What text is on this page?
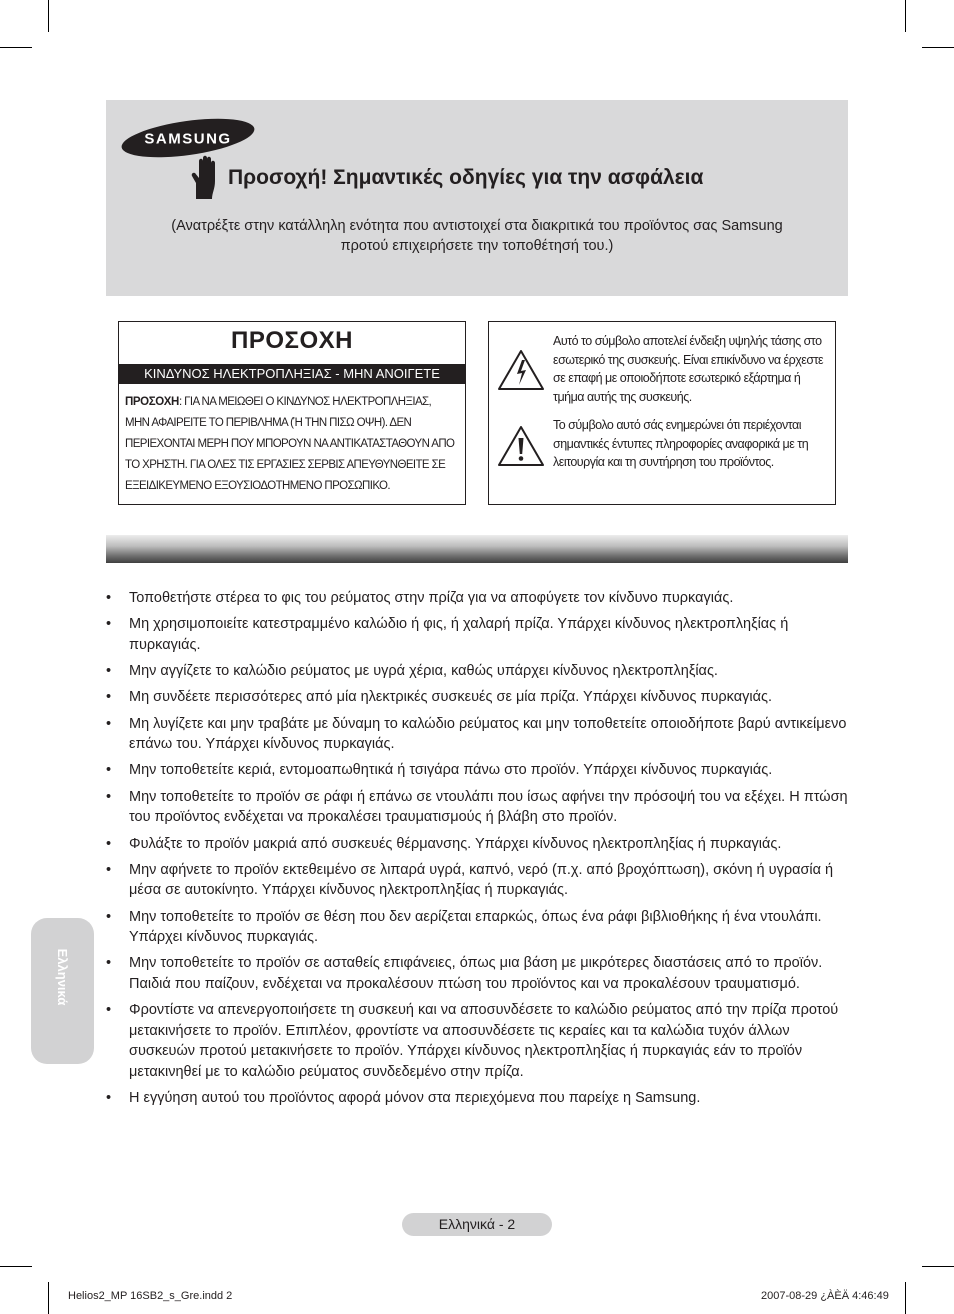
SAMSUNG
Προσοχή! Σημαντικές οδηγίες για την ασφάλεια
(Ανατρέξτε στην κατάλληλη ενότητα που αντιστοιχεί στα διακριτικά του προϊόντος σας Samsung
προτού επιχειρήσετε την τοποθέτησή του.)
ΠΡΟΣΟΧΗ
ΚΙΝΔΥΝΟΣ ΗΛΕΚΤΡΟΠΛΗΞΙΑΣ - ΜΗΝ ΑΝΟΙΓΕΤΕ
ΠΡΟΣΟΧΗ: ΓΙΑ ΝΑ ΜΕΙΩΘΕΙ Ο ΚΙΝΔΥΝΟΣ ΗΛΕΚΤΡΟΠΛΗΞΙΑΣ,
ΜΗΝ ΑΦΑΙΡΕΙΤΕ ΤΟ ΠΕΡΙΒΛΗΜΑ (Ή ΤΗΝ ΠΙΣΩ ΟΨΗ). ΔΕΝ
ΠΕΡΙΕΧΟΝΤΑΙ ΜΕΡΗ ΠΟΥ ΜΠΟΡΟΥΝ ΝΑ ΑΝΤΙΚΑΤΑΣΤΑΘΟΥΝ ΑΠΟ
ΤΟ ΧΡΗΣΤΗ. ΓΙΑ ΟΛΕΣ ΤΙΣ ΕΡΓΑΣΙΕΣ ΣΕΡΒΙΣ ΑΠΕΥΘΥΝΘΕΙΤΕ ΣΕ
ΕΞΕΙΔΙΚΕΥΜΕΝΟ ΕΞΟΥΣΙΟΔΟΤΗΜΕΝΟ ΠΡΟΣΩΠΙΚΟ.
Αυτό το σύμβολο αποτελεί ένδειξη υψηλής τάσης στο εσωτερικό της συσκευής. Είναι επικίνδυνο να έρχεστε σε επαφή με οποιοδήποτε εσωτερικό εξάρτημα ή τμήμα αυτής της συσκευής.
Το σύμβολο αυτό σάς ενημερώνει ότι περιέχονται σημαντικές έντυπες πληροφορίες αναφορικά με τη λειτουργία και τη συντήρηση του προϊόντος.
• Τοποθετήστε στέρεα το φις του ρεύματος στην πρίζα για να αποφύγετε τον κίνδυνο πυρκαγιάς.
• Μη χρησιμοποιείτε κατεστραμμένο καλώδιο ή φις, ή χαλαρή πρίζα. Υπάρχει κίνδυνος ηλεκτροπληξίας ή πυρκαγιάς.
• Μην αγγίζετε το καλώδιο ρεύματος με υγρά χέρια, καθώς υπάρχει κίνδυνος ηλεκτροπληξίας.
• Μη συνδέετε περισσότερες από μία ηλεκτρικές συσκευές σε μία πρίζα. Υπάρχει κίνδυνος πυρκαγιάς.
• Μη λυγίζετε και μην τραβάτε με δύναμη το καλώδιο ρεύματος και μην τοποθετείτε οποιοδήποτε βαρύ αντικείμενο επάνω του. Υπάρχει κίνδυνος πυρκαγιάς.
• Μην τοποθετείτε κεριά, εντομοαπωθητικά ή τσιγάρα πάνω στο προϊόν. Υπάρχει κίνδυνος πυρκαγιάς.
• Μην τοποθετείτε το προϊόν σε ράφι ή επάνω σε ντουλάπι που ίσως αφήνει την πρόσοψή του να εξέχει. Η πτώση του προϊόντος ενδέχεται να προκαλέσει τραυματισμούς ή βλάβη στο προϊόν.
• Φυλάξτε το προϊόν μακριά από συσκευές θέρμανσης. Υπάρχει κίνδυνος ηλεκτροπληξίας ή πυρκαγιάς.
• Μην αφήνετε το προϊόν εκτεθειμένο σε λιπαρά υγρά, καπνό, νερό (π.χ. από βροχόπτωση), σκόνη ή υγρασία ή μέσα σε αυτοκίνητο. Υπάρχει κίνδυνος ηλεκτροπληξίας ή πυρκαγιάς.
• Μην τοποθετείτε το προϊόν σε θέση που δεν αερίζεται επαρκώς, όπως ένα ράφι βιβλιοθήκης ή ένα ντουλάπι. Υπάρχει κίνδυνος πυρκαγιάς.
• Μην τοποθετείτε το προϊόν σε ασταθείς επιφάνειες, όπως μια βάση με μικρότερες διαστάσεις από το προϊόν. Παιδιά που παίζουν, ενδέχεται να προκαλέσουν πτώση του προϊόντος και να προκαλέσουν τραυματισμό.
• Φροντίστε να απενεργοποιήσετε τη συσκευή και να αποσυνδέσετε το καλώδιο ρεύματος από την πρίζα προτού μετακινήσετε το προϊόν. Επιπλέον, φροντίστε να αποσυνδέσετε τις κεραίες και τα καλώδια τυχόν άλλων συσκευών προτού μετακινήσετε το προϊόν. Υπάρχει κίνδυνος ηλεκτροπληξίας ή πυρκαγιάς εάν το προϊόν μετακινηθεί με το καλώδιο ρεύματος συνδεδεμένο στην πρίζα.
• Η εγγύηση αυτού του προϊόντος αφορά μόνον στα περιεχόμενα που παρείχε η Samsung.
Ελληνικά
Ελληνικά - 2
Helios2_MP 16SB2_s_Gre.indd 2	2007-08-29 ¿ÀÈÄ 4:46:49
